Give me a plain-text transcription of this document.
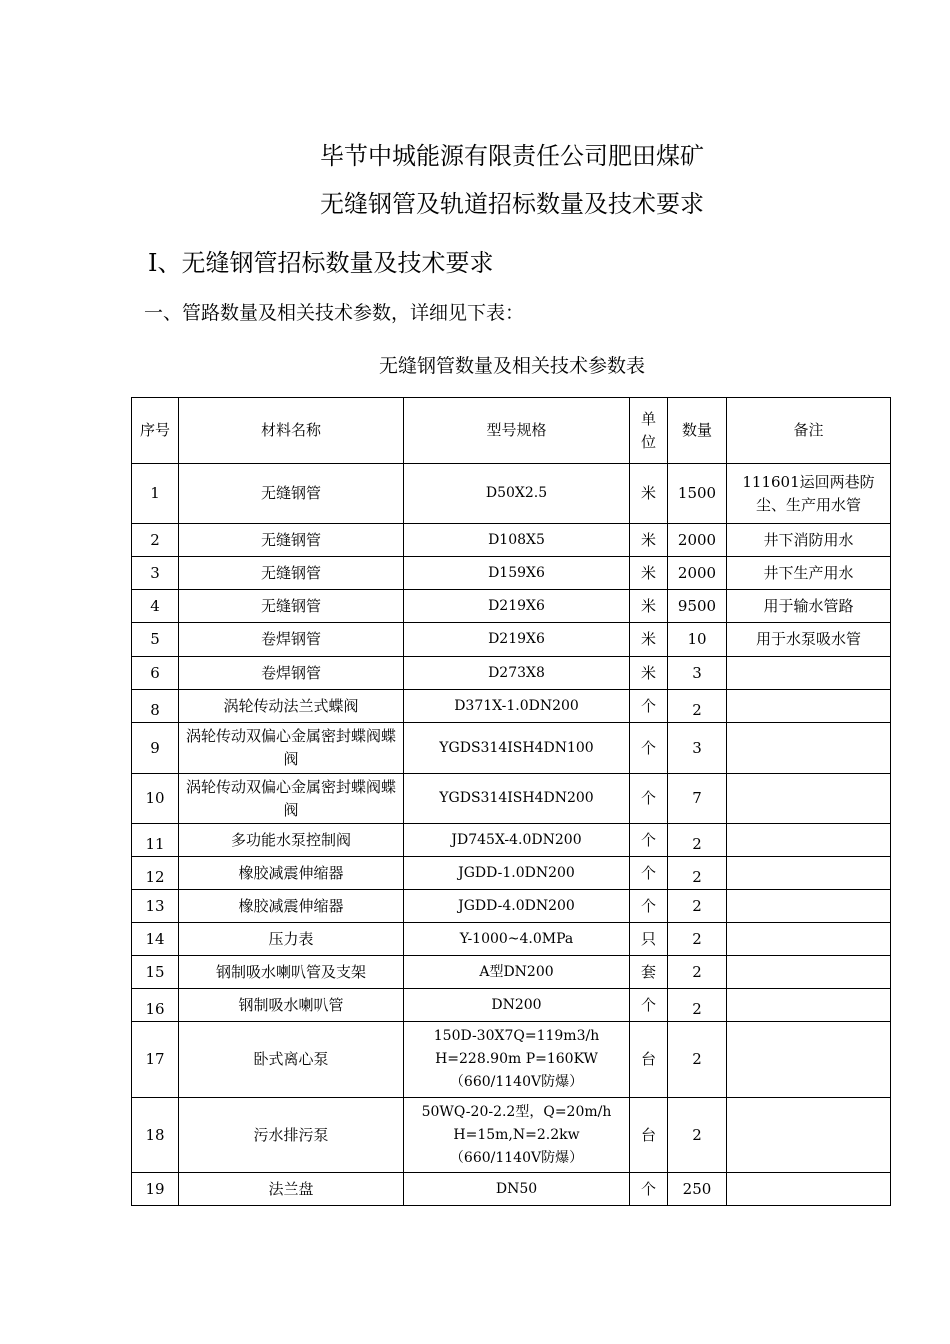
毕节中城能源有限责任公司肥田煤矿
无缝钢管及轨道招标数量及技术要求
I、无缝钢管招标数量及技术要求
一、管路数量及相关技术参数，详细见下表：
无缝钢管数量及相关技术参数表
序号	材料名称	型号规格	单位	数量	备注
1	无缝钢管	D50X2.5	米	1500	111601运回两巷防尘、生产用水管
2	无缝钢管	D108X5	米	2000	井下消防用水
3	无缝钢管	D159X6	米	2000	井下生产用水
4	无缝钢管	D219X6	米	9500	用于输水管路
5	卷焊钢管	D219X6	米	10	用于水泵吸水管
6	卷焊钢管	D273X8	米	3	
8	涡轮传动法兰式蝶阀	D371X-1.0DN200	个	2	
9	涡轮传动双偏心金属密封蝶阀蝶阀	YGDS314ISH4DN100	个	3	
10	涡轮传动双偏心金属密封蝶阀蝶阀	YGDS314ISH4DN200	个	7	
11	多功能水泵控制阀	JD745X-4.0DN200	个	2	
12	橡胶减震伸缩器	JGDD-1.0DN200	个	2	
13	橡胶减震伸缩器	JGDD-4.0DN200	个	2	
14	压力表	Y-1000~4.0MPa	只	2	
15	钢制吸水喇叭管及支架	A型DN200	套	2	
16	钢制吸水喇叭管	DN200	个	2	
17	卧式离心泵	150D-30X7Q=119m3/h H=228.90m P=160KW（660/1140V防爆）	台	2	
18	污水排污泵	50WQ-20-2.2型，Q=20m/h H=15m,N=2.2kw（660/1140V防爆）	台	2	
19	法兰盘	DN50	个	250	
